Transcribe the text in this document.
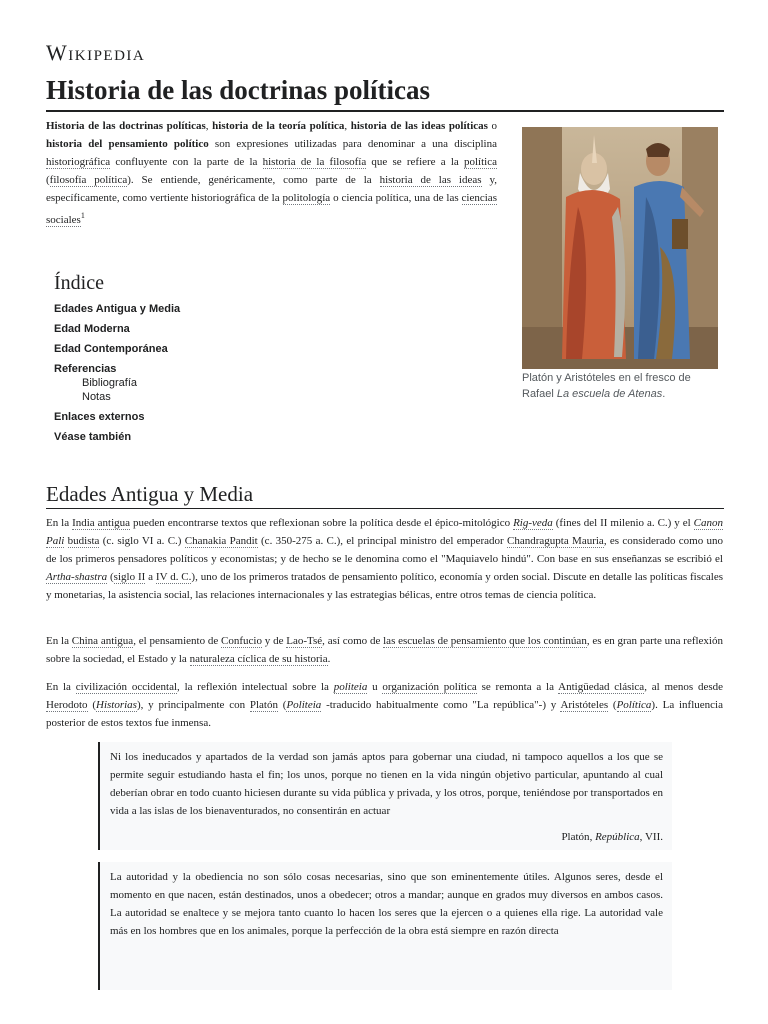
Wikipedia
Historia de las doctrinas políticas

Historia de las doctrinas políticas, historia de la teoría política, historia de las ideas políticas o historia del pensamiento político son expresiones utilizadas para denominar a una disciplina historiográfica confluyente con la parte de la historia de la filosofía que se refiere a la política (filosofía política). Se entiende, genéricamente, como parte de la historia de las ideas y, específicamente, como vertiente historiográfica de la politología o ciencia política, una de las ciencias sociales$^1$

Platón y Aristóteles en el fresco de Rafael La escuela de Atenas.
Índice
Edades Antigua y Media
Edad Moderna
Edad Contemporánea
Referencias
Bibliografía
Notas
Enlaces externos
Véase también
Edades Antigua y Media

En la India antigua pueden encontrarse textos que reflexionan sobre la política desde el épico-mitológico Rig-veda (fines del II milenio a. C.) y el Canon Pali budista (c. siglo VI a. C.) Chanakia Pandit (c. 350-275 a. C.), el principal ministro del emperador Chandragupta Mauria, es considerado como uno de los primeros pensadores políticos y economistas; y de hecho se le denomina como el "Maquiavelo hindú". Con base en sus enseñanzas se escribió el Artha-shastra (siglo II a IV d. C.), uno de los primeros tratados de pensamiento político, economía y orden social. Discute en detalle las políticas fiscales y monetarias, la asistencia social, las relaciones internacionales y las estrategias bélicas, entre otros temas de ciencia política.

En la China antigua, el pensamiento de Confucio y de Lao-Tsé, así como de las escuelas de pensamiento que los continúan, es en gran parte una reflexión sobre la sociedad, el Estado y la naturaleza cíclica de su historia.

En la civilización occidental, la reflexión intelectual sobre la politeia u organización política se remonta a la Antigüedad clásica, al menos desde Herodoto (Historias), y principalmente con Platón (Politeia -traducido habitualmente como "La república"-) y Aristóteles (Política). La influencia posterior de estos textos fue inmensa.

Ni los ineducados y apartados de la verdad son jamás aptos para gobernar una ciudad, ni tampoco aquellos a los que se permite seguir estudiando hasta el fin; los unos, porque no tienen en la vida ningún objetivo particular, apuntando al cual deberían obrar en todo cuanto hiciesen durante su vida pública y privada, y los otros, porque, teniéndose por transportados en vida a las islas de los bienaventurados, no consentirán en actuar

Platón, República, VII.

La autoridad y la obediencia no son sólo cosas necesarias, sino que son eminentemente útiles. Algunos seres, desde el momento en que nacen, están destinados, unos a obedecer; otros a mandar; aunque en grados muy diversos en ambos casos. La autoridad se enaltece y se mejora tanto cuanto lo hacen los seres que la ejercen o a quienes ella rige. La autoridad vale más en los hombres que en los animales, porque la perfección de la obra está siempre en razón directa
